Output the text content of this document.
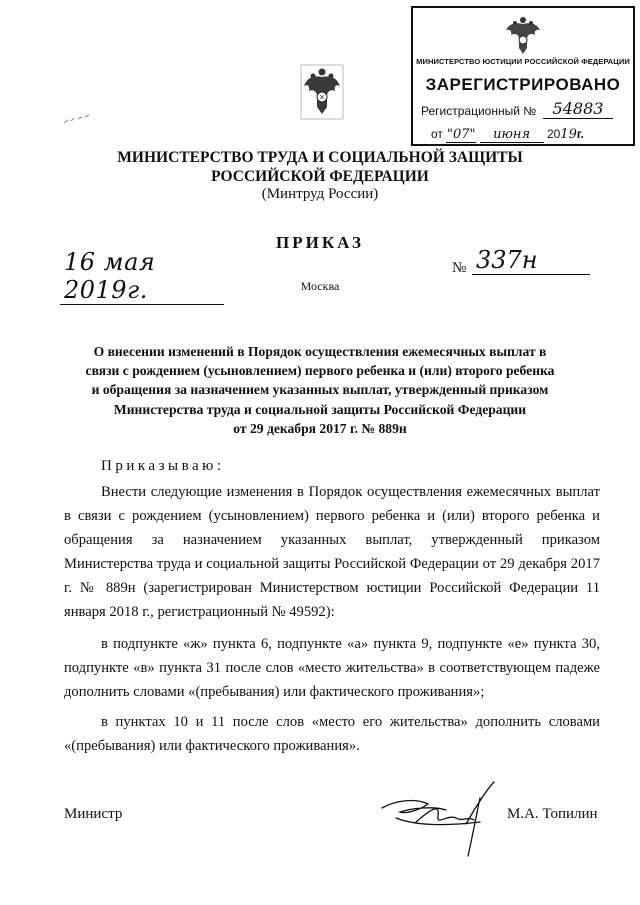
МИНИСТЕРСТВО ЮСТИЦИИ РОССИЙСКОЙ ФЕДЕРАЦИИ
ЗАРЕГИСТРИРОВАНО
Регистрационный №	54883
от "07" июня 2019г.
МИНИСТЕРСТВО ТРУДА И СОЦИАЛЬНОЙ ЗАЩИТЫ
РОССИЙСКОЙ ФЕДЕРАЦИИ
(Минтруд России)
ПРИКАЗ
16 мая 2019г.
№ 337н
Москва
О внесении изменений в Порядок осуществления ежемесячных выплат в
связи с рождением (усыновлением) первого ребенка и (или) второго ребенка
и обращения за назначением указанных выплат, утвержденный приказом
Министерства труда и социальной защиты Российской Федерации
от 29 декабря 2017 г. № 889н
Приказываю:
Внести следующие изменения в Порядок осуществления ежемесячных выплат в связи с рождением (усыновлением) первого ребенка и (или) второго ребенка и обращения за назначением указанных выплат, утвержденный приказом Министерства труда и социальной защиты Российской Федерации от 29 декабря 2017 г. № 889н (зарегистрирован Министерством юстиции Российской Федерации 11 января 2018 г., регистрационный № 49592):
в подпункте «ж» пункта 6, подпункте «а» пункта 9, подпункте «е» пункта 30, подпункте «в» пункта 31 после слов «место жительства» в соответствующем падеже дополнить словами «(пребывания) или фактического проживания»;
в пунктах 10 и 11 после слов «место его жительства» дополнить словами «(пребывания) или фактического проживания».
Министр	М.А. Топилин
